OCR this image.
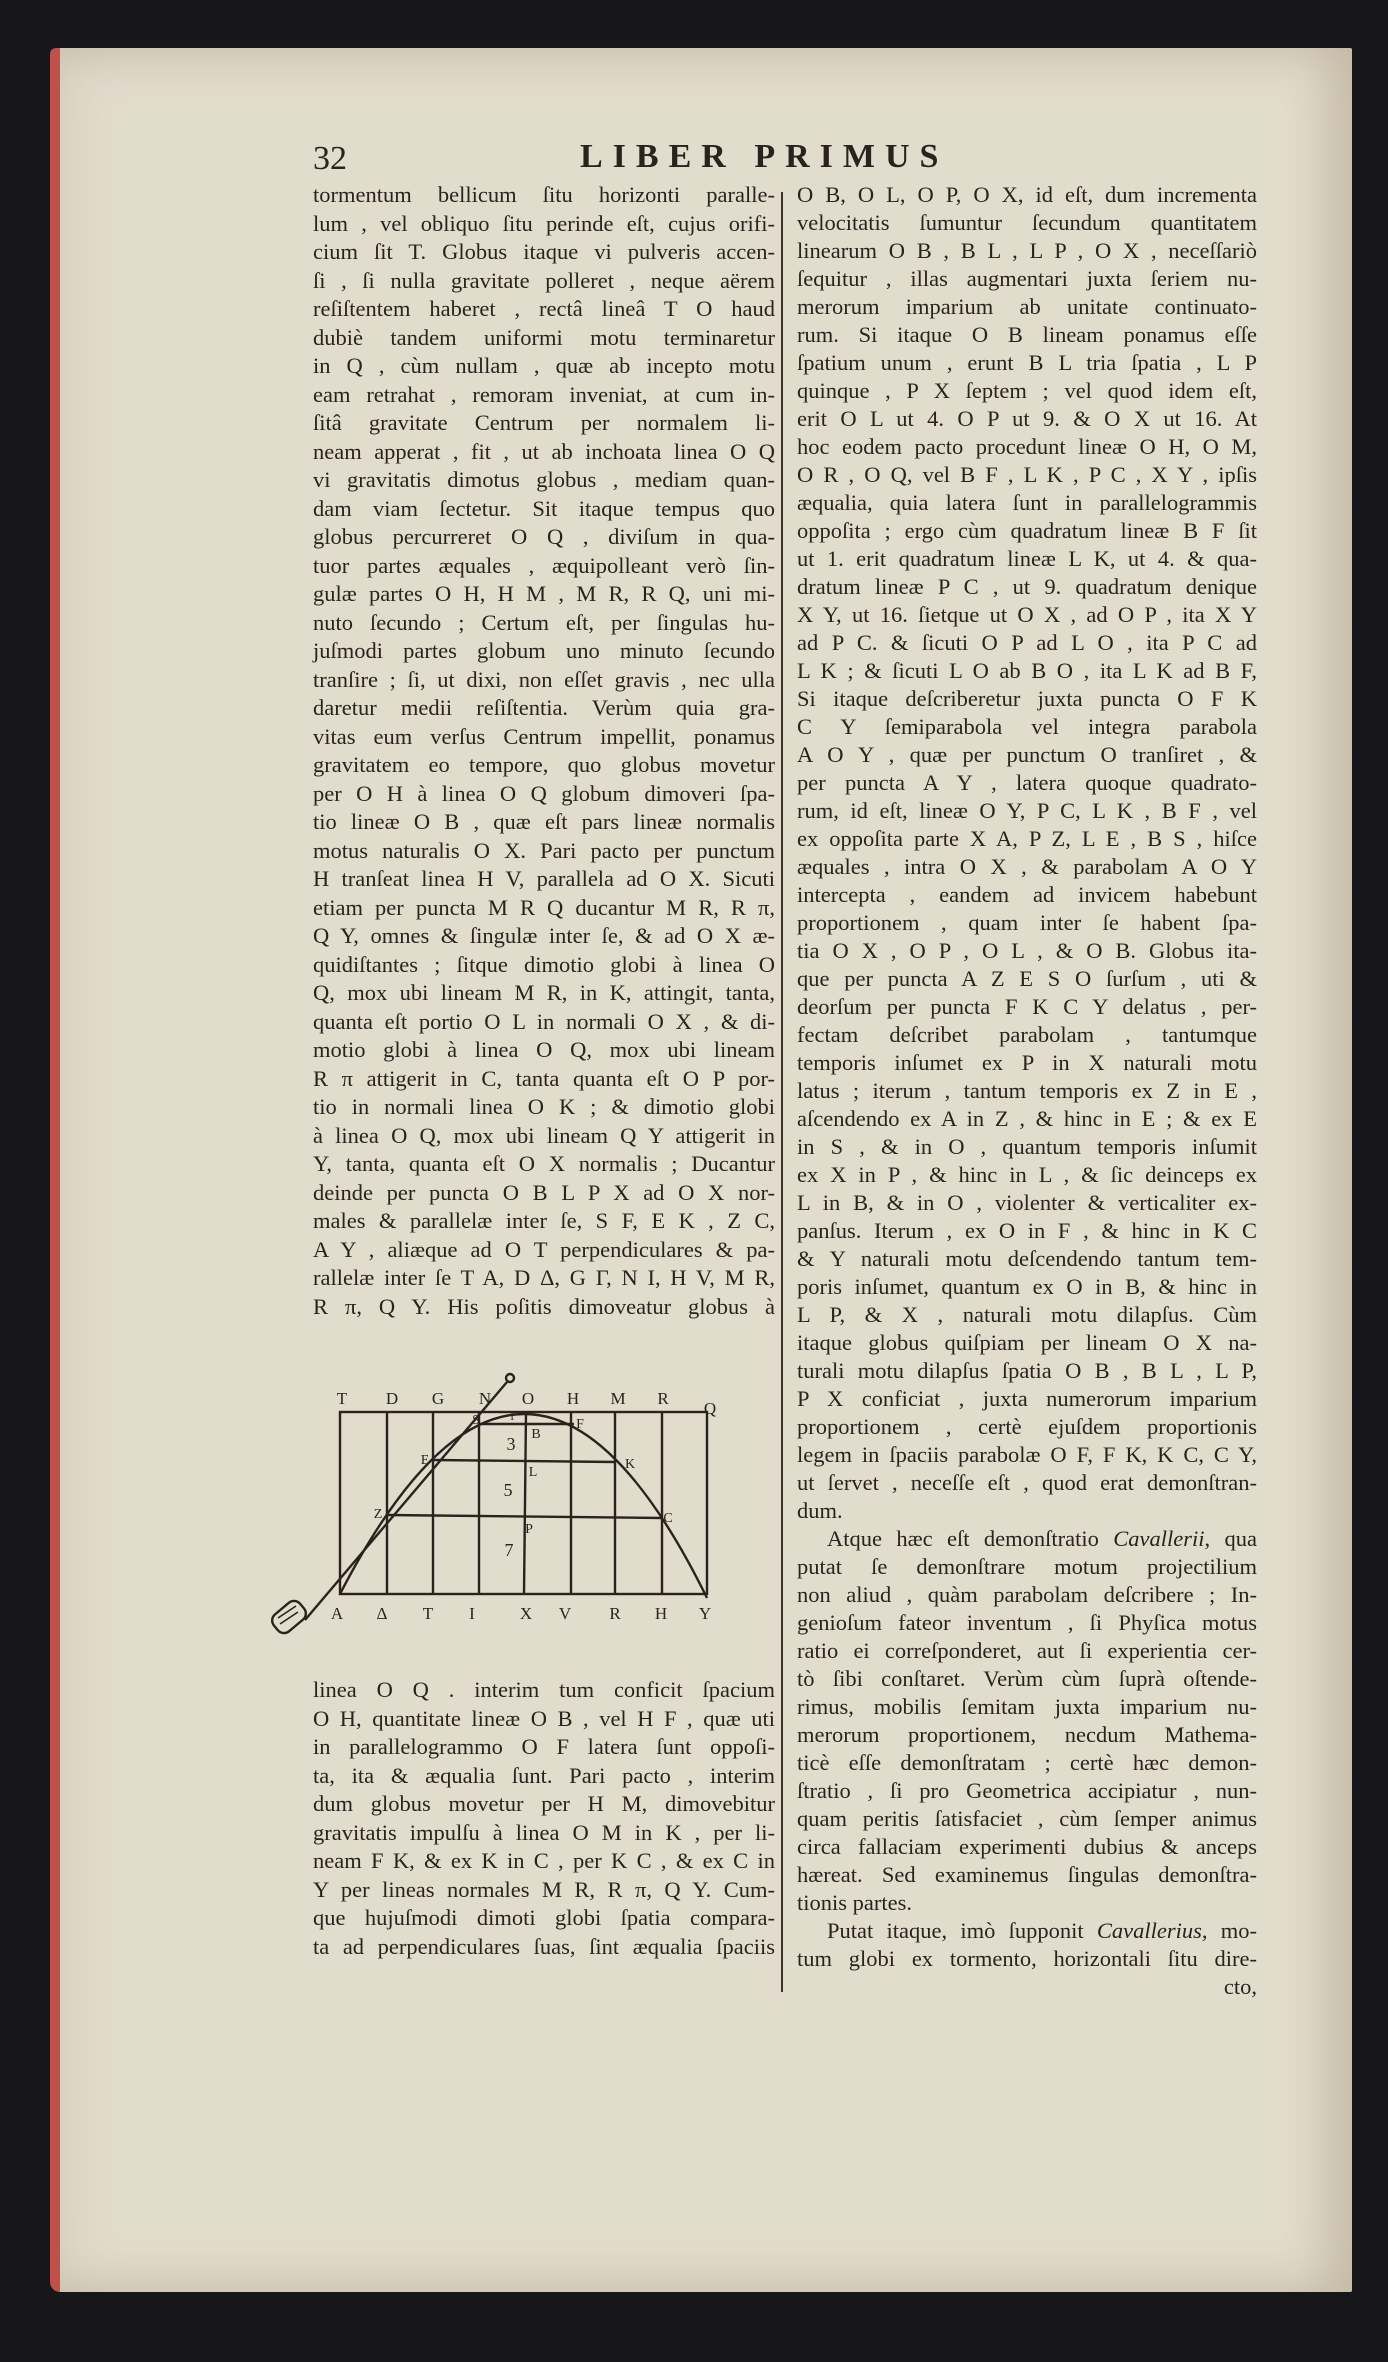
32	LIBER PRIMUS
tormentum bellicum ſitu horizonti paralle-
lum , vel obliquo ſitu perinde eſt, cujus orifi-
cium ſit T. Globus itaque vi pulveris accen-
ſi , ſi nulla gravitate polleret , neque aërem
reſiſtentem haberet , rectâ lineâ T O haud
dubiè tandem uniformi motu terminaretur
in Q , cùm nullam , quæ ab incepto motu
eam retrahat , remoram inveniat, at cum in-
ſitâ gravitate Centrum per normalem li-
neam apperat , fit , ut ab inchoata linea O Q
vi gravitatis dimotus globus , mediam quan-
dam viam ſectetur. Sit itaque tempus quo
globus percurreret O Q , diviſum in qua-
tuor partes æquales , æquipolleant verò ſin-
gulæ partes O H, H M , M R, R Q, uni mi-
nuto ſecundo ; Certum eſt, per ſingulas hu-
juſmodi partes globum uno minuto ſecundo
tranſire ; ſi, ut dixi, non eſſet gravis , nec ulla
daretur medii reſiſtentia. Verùm quia gra-
vitas eum verſus Centrum impellit, ponamus
gravitatem eo tempore, quo globus movetur
per O H à linea O Q globum dimoveri ſpa-
tio lineæ O B , quæ eſt pars lineæ normalis
motus naturalis O X. Pari pacto per punctum
H tranſeat linea H V, parallela ad O X. Sicuti
etiam per puncta M R Q ducantur M R, R π,
Q Y, omnes & ſingulæ inter ſe, & ad O X æ-
quidiſtantes ; ſitque dimotio globi à linea O
Q, mox ubi lineam M R, in K, attingit, tanta,
quanta eſt portio O L in normali O X , & di-
motio globi à linea O Q, mox ubi lineam
R π attigerit in C, tanta quanta eſt O P por-
tio in normali linea O K ; & dimotio globi
à linea O Q, mox ubi lineam Q Y attigerit in
Y, tanta, quanta eſt O X normalis ; Ducantur
deinde per puncta O B L P X ad O X nor-
males & parallelæ inter ſe, S F, E K , Z C,
A Y , aliæque ad O T perpendiculares & pa-
rallelæ inter ſe T A, D Δ, G Γ, N I, H V, M R,
R π, Q Y. His poſitis dimoveatur globus à
linea O Q . interim tum conficit ſpacium
O H, quantitate lineæ O B , vel H F , quæ uti
in parallelogrammo O F latera ſunt oppoſi-
ta, ita & æqualia ſunt. Pari pacto , interim
dum globus movetur per H M, dimovebitur
gravitatis impulſu à linea O M in K , per li-
neam F K, & ex K in C , per K C , & ex C in
Y per lineas normales M R, R π, Q Y. Cum-
que hujuſmodi dimoti globi ſpatia compara-
ta ad perpendiculares ſuas, ſint æqualia ſpaciis
O B, O L, O P, O X, id eſt, dum incrementa
velocitatis ſumuntur ſecundum quantitatem
linearum O B , B L , L P , O X , neceſſariò
ſequitur , illas augmentari juxta ſeriem nu-
merorum imparium ab unitate continuato-
rum. Si itaque O B lineam ponamus eſſe
ſpatium unum , erunt B L tria ſpatia , L P
quinque , P X ſeptem ; vel quod idem eſt,
erit O L ut 4. O P ut 9. & O X ut 16. At
hoc eodem pacto procedunt lineæ O H, O M,
O R , O Q, vel B F , L K , P C , X Y , ipſis
æqualia, quia latera ſunt in parallelogrammis
oppoſita ; ergo cùm quadratum lineæ B F ſit
ut 1. erit quadratum lineæ L K, ut 4. & qua-
dratum lineæ P C , ut 9. quadratum denique
X Y, ut 16. ſietque ut O X , ad O P , ita X Y
ad P C. & ſicuti O P ad L O , ita P C ad
L K ; & ſicuti L O ab B O , ita L K ad B F,
Si itaque deſcriberetur juxta puncta O F K
C Y ſemiparabola vel integra parabola
A O Y , quæ per punctum O tranſiret , &
per puncta A Y , latera quoque quadrato-
rum, id eſt, lineæ O Y, P C, L K , B F , vel
ex oppoſita parte X A, P Z, L E , B S , hiſce
æquales , intra O X , & parabolam A O Y
intercepta , eandem ad invicem habebunt
proportionem , quam inter ſe habent ſpa-
tia O X , O P , O L , & O B. Globus ita-
que per puncta A Z E S O ſurſum , uti &
deorſum per puncta F K C Y delatus , per-
fectam deſcribet parabolam , tantumque
temporis inſumet ex P in X naturali motu
latus ; iterum , tantum temporis ex Z in E ,
aſcendendo ex A in Z , & hinc in E ; & ex E
in S , & in O , quantum temporis inſumit
ex X in P , & hinc in L , & ſic deinceps ex
L in B, & in O , violenter & verticaliter ex-
panſus. Iterum , ex O in F , & hinc in K C
& Y naturali motu deſcendendo tantum tem-
poris inſumet, quantum ex O in B, & hinc in
L P, & X , naturali motu dilapſus. Cùm
itaque globus quiſpiam per lineam O X na-
turali motu dilapſus ſpatia O B , B L , L P,
P X conficiat , juxta numerorum imparium
proportionem , certè ejuſdem proportionis
legem in ſpaciis parabolæ O F, F K, K C, C Y,
ut ſervet , neceſſe eſt , quod erat demonſtran-
dum.
Atque hæc eſt demonſtratio Cavallerii, qua
putat ſe demonſtrare motum projectilium
non aliud , quàm parabolam deſcribere ; In-
genioſum fateor inventum , ſi Phyſica motus
ratio ei correſponderet, aut ſi experientia cer-
tò ſibi conſtaret. Verùm cùm ſuprà oſtende-
rimus, mobilis ſemitam juxta imparium nu-
merorum proportionem, necdum Mathema-
ticè eſſe demonſtratam ; certè hæc demon-
ſtratio , ſi pro Geometrica accipiatur , nun-
quam peritis ſatisfaciet , cùm ſemper animus
circa fallaciam experimenti dubius & anceps
hæreat. Sed examinemus ſingulas demonſtra-
tionis partes.
Putat itaque, imò ſupponit Cavallerius, mo-
tum globi ex tormento, horizontali ſitu dire-
cto,
T D G N O H M R
Q
A Δ T I	X V R H Y
S	F
B
E	K
L
Z	C
P
1
3
5
7
